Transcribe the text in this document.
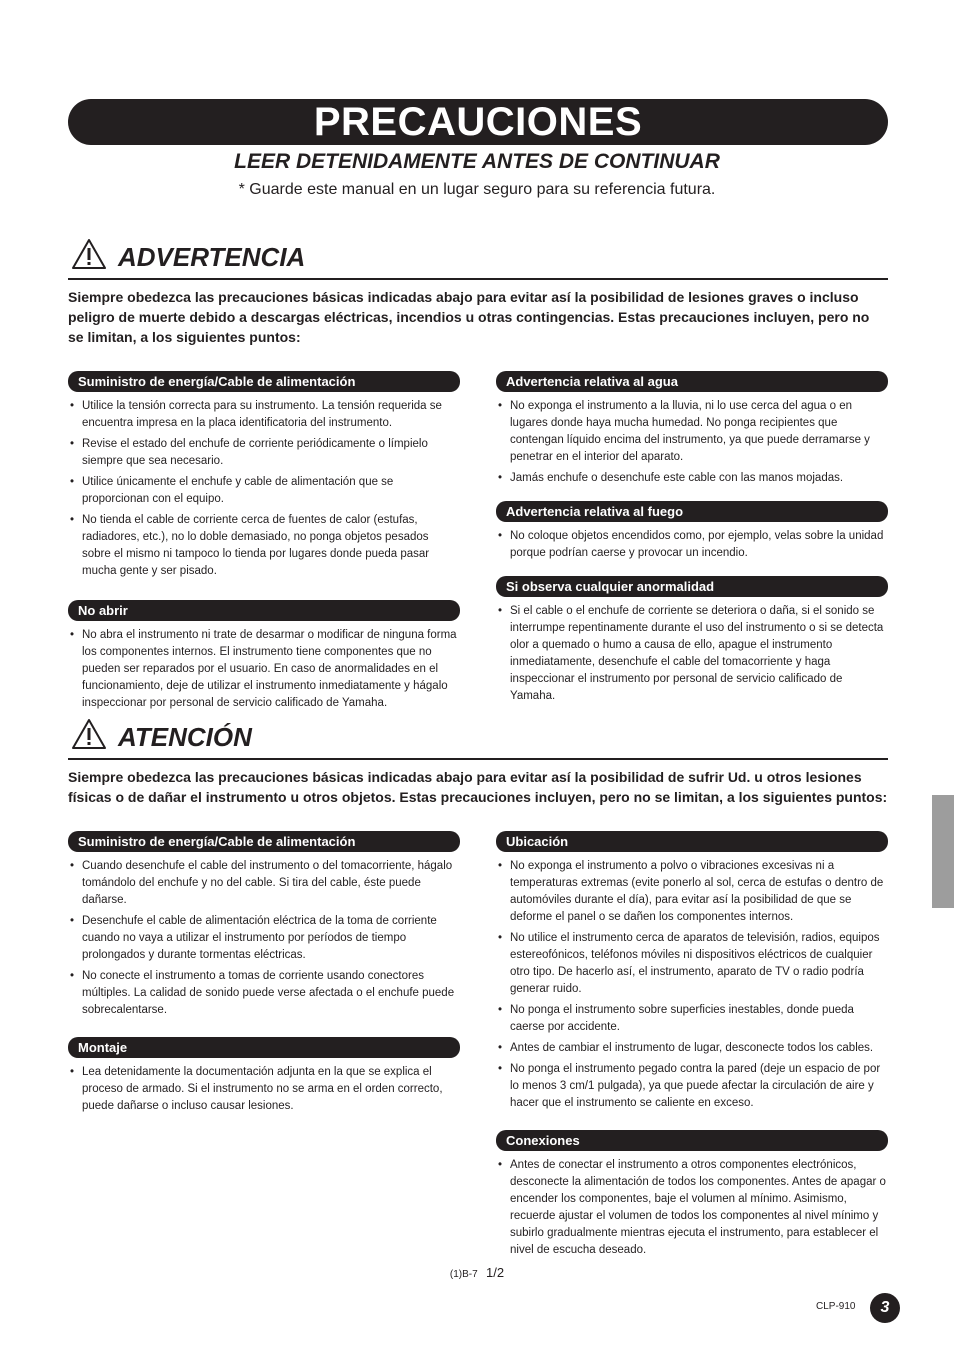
PRECAUCIONES
LEER DETENIDAMENTE ANTES DE CONTINUAR
* Guarde este manual en un lugar seguro para su referencia futura.
ADVERTENCIA
Siempre obedezca las precauciones básicas indicadas abajo para evitar así la posibilidad de lesiones graves o incluso peligro de muerte debido a descargas eléctricas, incendios u otras contingencias. Estas precauciones incluyen, pero no se limitan, a los siguientes puntos:
Suministro de energía/Cable de alimentación
• Utilice la tensión correcta para su instrumento. La tensión requerida se encuentra impresa en la placa identificatoria del instrumento.
• Revise el estado del enchufe de corriente periódicamente o límpielo siempre que sea necesario.
• Utilice únicamente el enchufe y cable de alimentación que se proporcionan con el equipo.
• No tienda el cable de corriente cerca de fuentes de calor (estufas, radiadores, etc.), no lo doble demasiado, no ponga objetos pesados sobre el mismo ni tampoco lo tienda por lugares donde pueda pasar mucha gente y ser pisado.
No abrir
• No abra el instrumento ni trate de desarmar o modificar de ninguna forma los componentes internos. El instrumento tiene componentes que no pueden ser reparados por el usuario. En caso de anormalidades en el funcionamiento, deje de utilizar el instrumento inmediatamente y hágalo inspeccionar por personal de servicio calificado de Yamaha.
Advertencia relativa al agua
• No exponga el instrumento a la lluvia, ni lo use cerca del agua o en lugares donde haya mucha humedad. No ponga recipientes que contengan líquido encima del instrumento, ya que puede derramarse y penetrar en el interior del aparato.
• Jamás enchufe o desenchufe este cable con las manos mojadas.
Advertencia relativa al fuego
• No coloque objetos encendidos como, por ejemplo, velas sobre la unidad porque podrían caerse y provocar un incendio.
Si observa cualquier anormalidad
• Si el cable o el enchufe de corriente se deteriora o daña, si el sonido se interrumpe repentinamente durante el uso del instrumento o si se detecta olor a quemado o humo a causa de ello, apague el instrumento inmediatamente, desenchufe el cable del tomacorriente y haga inspeccionar el instrumento por personal de servicio calificado de Yamaha.
ATENCIÓN
Siempre obedezca las precauciones básicas indicadas abajo para evitar así la posibilidad de sufrir Ud. u otros lesiones físicas o de dañar el instrumento u otros objetos. Estas precauciones incluyen, pero no se limitan, a los siguientes puntos:
Suministro de energía/Cable de alimentación
• Cuando desenchufe el cable del instrumento o del tomacorriente, hágalo tomándolo del enchufe y no del cable. Si tira del cable, éste puede dañarse.
• Desenchufe el cable de alimentación eléctrica de la toma de corriente cuando no vaya a utilizar el instrumento por períodos de tiempo prolongados y durante tormentas eléctricas.
• No conecte el instrumento a tomas de corriente usando conectores múltiples. La calidad de sonido puede verse afectada o el enchufe puede sobrecalentarse.
Montaje
• Lea detenidamente la documentación adjunta en la que se explica el proceso de armado. Si el instrumento no se arma en el orden correcto, puede dañarse o incluso causar lesiones.
Ubicación
• No exponga el instrumento a polvo o vibraciones excesivas ni a temperaturas extremas (evite ponerlo al sol, cerca de estufas o dentro de automóviles durante el día), para evitar así la posibilidad de que se deforme el panel o se dañen los componentes internos.
• No utilice el instrumento cerca de aparatos de televisión, radios, equipos estereofónicos, teléfonos móviles ni dispositivos eléctricos de cualquier otro tipo. De hacerlo así, el instrumento, aparato de TV o radio podría generar ruido.
• No ponga el instrumento sobre superficies inestables, donde pueda caerse por accidente.
• Antes de cambiar el instrumento de lugar, desconecte todos los cables.
• No ponga el instrumento pegado contra la pared (deje un espacio de por lo menos 3 cm/1 pulgada), ya que puede afectar la circulación de aire y hacer que el instrumento se caliente en exceso.
Conexiones
• Antes de conectar el instrumento a otros componentes electrónicos, desconecte la alimentación de todos los componentes. Antes de apagar o encender los componentes, baje el volumen al mínimo. Asimismo, recuerde ajustar el volumen de todos los componentes al nivel mínimo y subirlo gradualmente mientras ejecuta el instrumento, para establecer el nivel de escucha deseado.
(1)B-7 1/2
CLP-910	3
